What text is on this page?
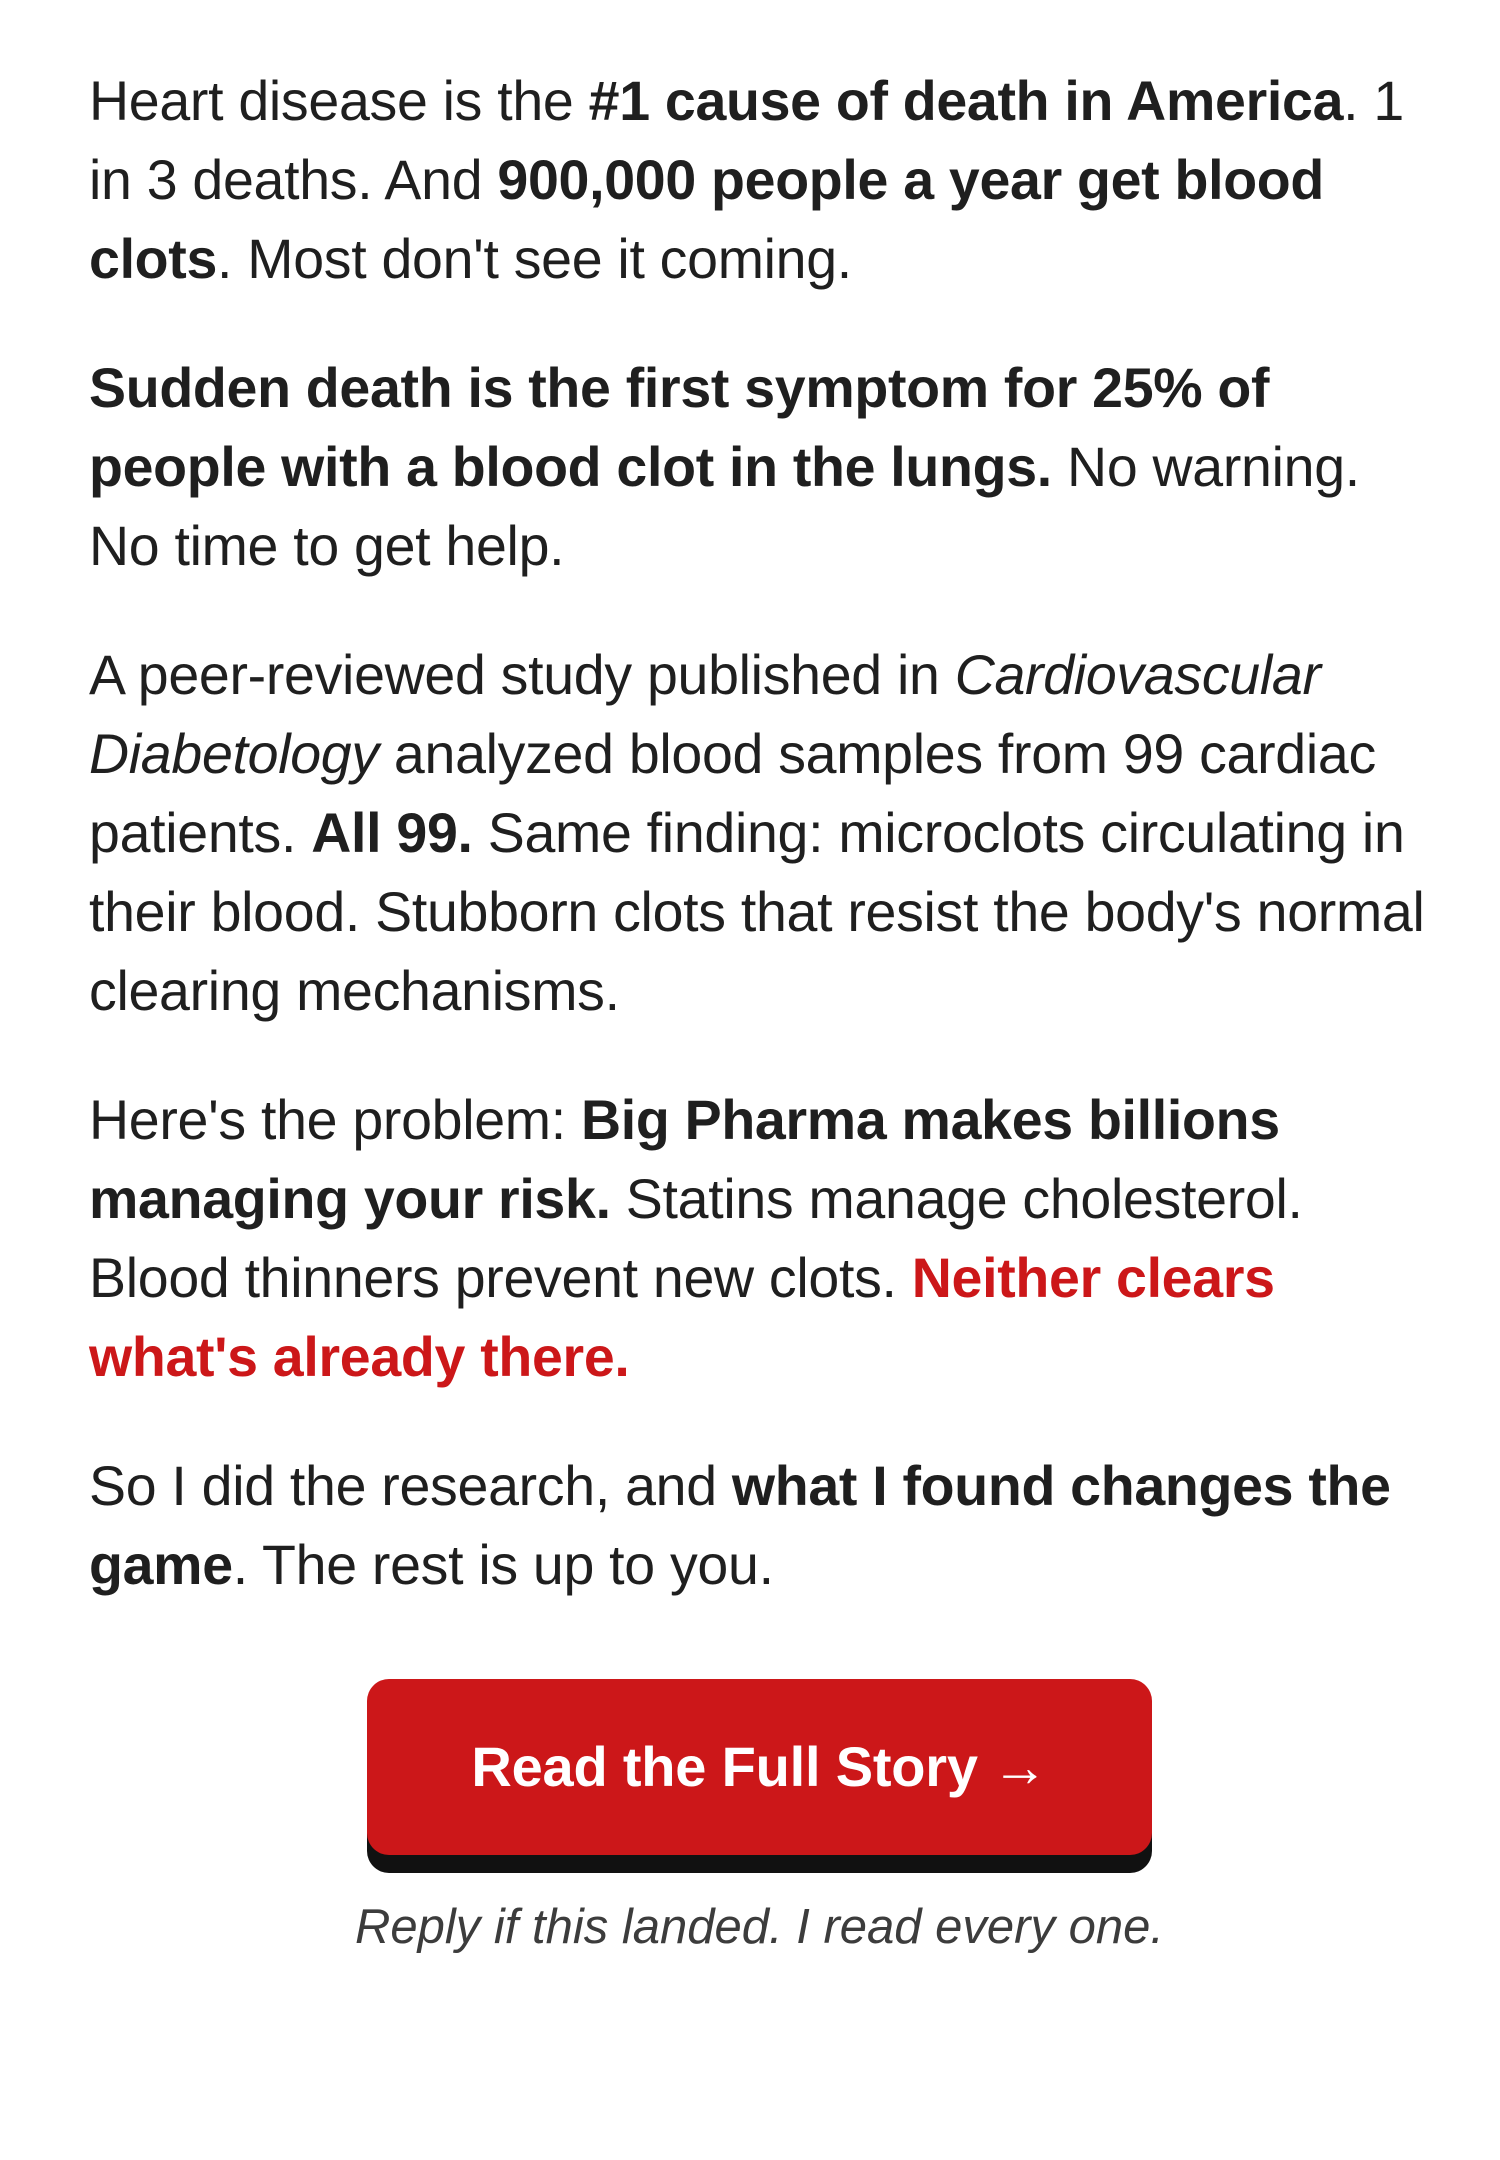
Heart disease is the #1 cause of death in America. 1 in 3 deaths. And 900,000 people a year get blood clots. Most don't see it coming.

Sudden death is the first symptom for 25% of people with a blood clot in the lungs. No warning. No time to get help.

A peer-reviewed study published in Cardiovascular Diabetology analyzed blood samples from 99 cardiac patients. All 99. Same finding: microclots circulating in their blood. Stubborn clots that resist the body's normal clearing mechanisms.

Here's the problem: Big Pharma makes billions managing your risk. Statins manage cholesterol. Blood thinners prevent new clots. Neither clears what's already there.

So I did the research, and what I found changes the game. The rest is up to you.

Read the Full Story →
Reply if this landed. I read every one.
